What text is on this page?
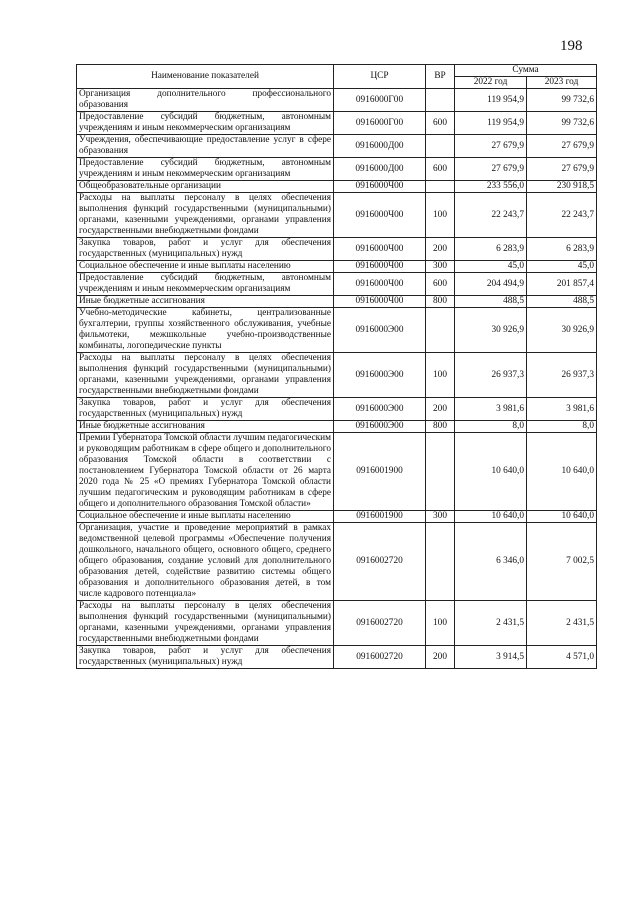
198
Наименование показателей	ЦСР	ВР	Сумма	
			2022 год	2023 год
Организация дополнительного профессионального образования	0916000Г00		119 954,9	99 732,6
Предоставление субсидий бюджетным, автономным учреждениям и иным некоммерческим организациям	0916000Г00	600	119 954,9	99 732,6
Учреждения, обеспечивающие предоставление услуг в сфере образования	0916000Д00		27 679,9	27 679,9
Предоставление субсидий бюджетным, автономным учреждениям и иным некоммерческим организациям	0916000Д00	600	27 679,9	27 679,9
Общеобразовательные организации	0916000Ч00		233 556,0	230 918,5
Расходы на выплаты персоналу в целях обеспечения выполнения функций государственными (муниципальными) органами, казенными учреждениями, органами управления государственными внебюджетными фондами	0916000Ч00	100	22 243,7	22 243,7
Закупка товаров, работ и услуг для обеспечения государственных (муниципальных) нужд	0916000Ч00	200	6 283,9	6 283,9
Социальное обеспечение и иные выплаты населению	0916000Ч00	300	45,0	45,0
Предоставление субсидий бюджетным, автономным учреждениям и иным некоммерческим организациям	0916000Ч00	600	204 494,9	201 857,4
Иные бюджетные ассигнования	0916000Ч00	800	488,5	488,5
Учебно-методические кабинеты, централизованные бухгалтерии, группы хозяйственного обслуживания, учебные фильмотеки, межшкольные учебно-производственные комбинаты, логопедические пункты	0916000Э00		30 926,9	30 926,9
Расходы на выплаты персоналу в целях обеспечения выполнения функций государственными (муниципальными) органами, казенными учреждениями, органами управления государственными внебюджетными фондами	0916000Э00	100	26 937,3	26 937,3
Закупка товаров, работ и услуг для обеспечения государственных (муниципальных) нужд	0916000Э00	200	3 981,6	3 981,6
Иные бюджетные ассигнования	0916000Э00	800	8,0	8,0
Премии Губернатора Томской области лучшим педагогическим и руководящим работникам в сфере общего и дополнительного образования Томской области в соответствии с постановлением Губернатора Томской области от 26 марта 2020 года № 25 «О премиях Губернатора Томской области лучшим педагогическим и руководящим работникам в сфере общего и дополнительного образования Томской области»	0916001900		10 640,0	10 640,0
Социальное обеспечение и иные выплаты населению	0916001900	300	10 640,0	10 640,0
Организация, участие и проведение мероприятий в рамках ведомственной целевой программы «Обеспечение получения дошкольного, начального общего, основного общего, среднего общего образования, создание условий для дополнительного образования детей, содействие развитию системы общего образования и дополнительного образования детей, в том числе кадрового потенциала»	0916002720		6 346,0	7 002,5
Расходы на выплаты персоналу в целях обеспечения выполнения функций государственными (муниципальными) органами, казенными учреждениями, органами управления государственными внебюджетными фондами	0916002720	100	2 431,5	2 431,5
Закупка товаров, работ и услуг для обеспечения государственных (муниципальных) нужд	0916002720	200	3 914,5	4 571,0
